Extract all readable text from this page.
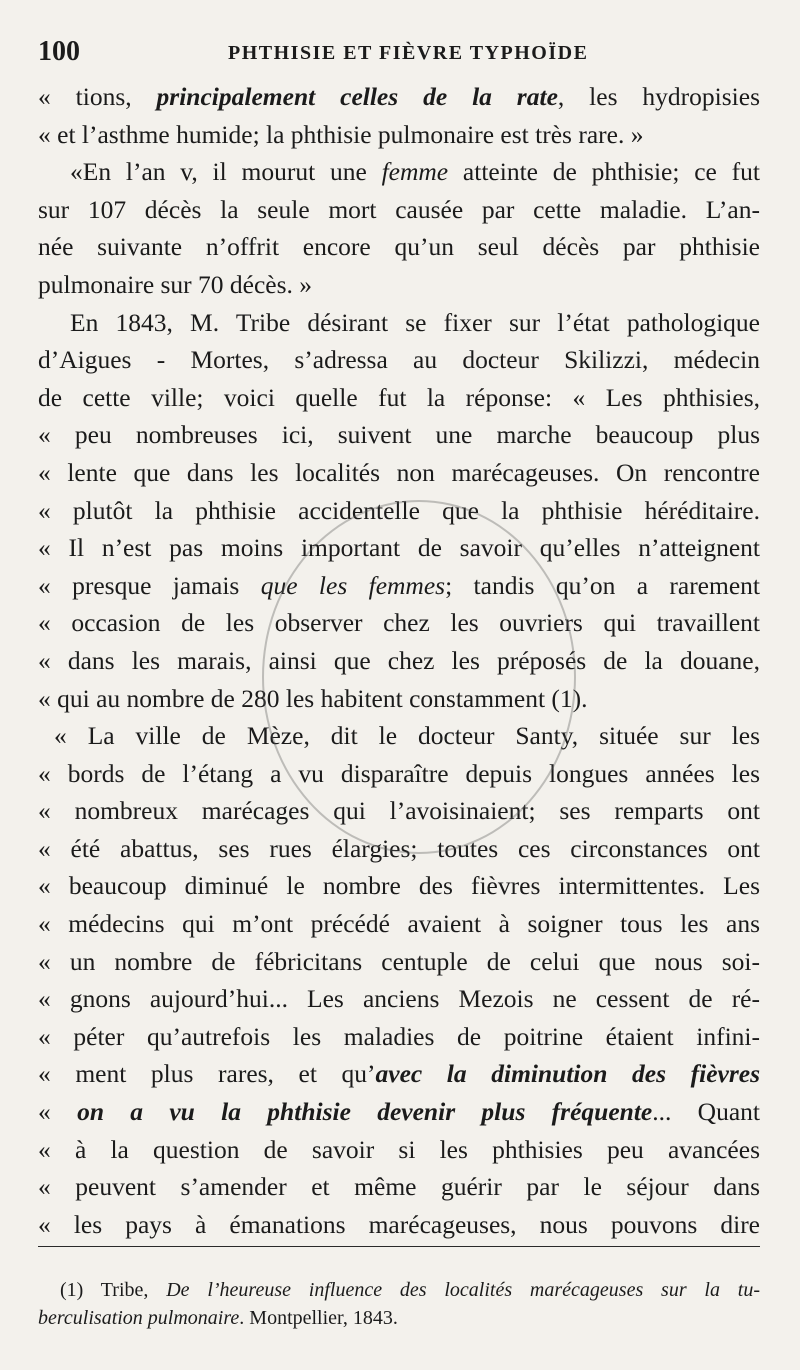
100	PHTHISIE ET FIÈVRE TYPHOÏDE
« tions, principalement celles de la rate, les hydropisies
« et l’asthme humide; la phthisie pulmonaire est très rare. »
«En l’an v, il mourut une femme atteinte de phthisie; ce fut
sur 107 décès la seule mort causée par cette maladie. L’an-
née suivante n’offrit encore qu’un seul décès par phthisie
pulmonaire sur 70 décès. »
En 1843, M. Tribe désirant se fixer sur l’état pathologique
d’Aigues - Mortes, s’adressa au docteur Skilizzi, médecin
de cette ville; voici quelle fut la réponse: « Les phthisies,
« peu nombreuses ici, suivent une marche beaucoup plus
« lente que dans les localités non marécageuses. On rencontre
« plutôt la phthisie accidentelle que la phthisie héréditaire.
« Il n’est pas moins important de savoir qu’elles n’atteignent
« presque jamais que les femmes; tandis qu’on a rarement
« occasion de les observer chez les ouvriers qui travaillent
« dans les marais, ainsi que chez les préposés de la douane,
« qui au nombre de 280 les habitent constamment (1).
« La ville de Mèze, dit le docteur Santy, située sur les
« bords de l’étang a vu disparaître depuis longues années les
« nombreux marécages qui l’avoisinaient; ses remparts ont
« été abattus, ses rues élargies; toutes ces circonstances ont
« beaucoup diminué le nombre des fièvres intermittentes. Les
« médecins qui m’ont précédé avaient à soigner tous les ans
« un nombre de fébricitans centuple de celui que nous soi-
« gnons aujourd’hui... Les anciens Mezois ne cessent de ré-
« péter qu’autrefois les maladies de poitrine étaient infini-
« ment plus rares, et qu’avec la diminution des fièvres
« on a vu la phthisie devenir plus fréquente... Quant
« à la question de savoir si les phthisies peu avancées
« peuvent s’amender et même guérir par le séjour dans
« les pays à émanations marécageuses, nous pouvons dire
(1) Tribe, De l’heureuse influence des localités marécageuses sur la tu-
berculisation pulmonaire. Montpellier, 1843.
